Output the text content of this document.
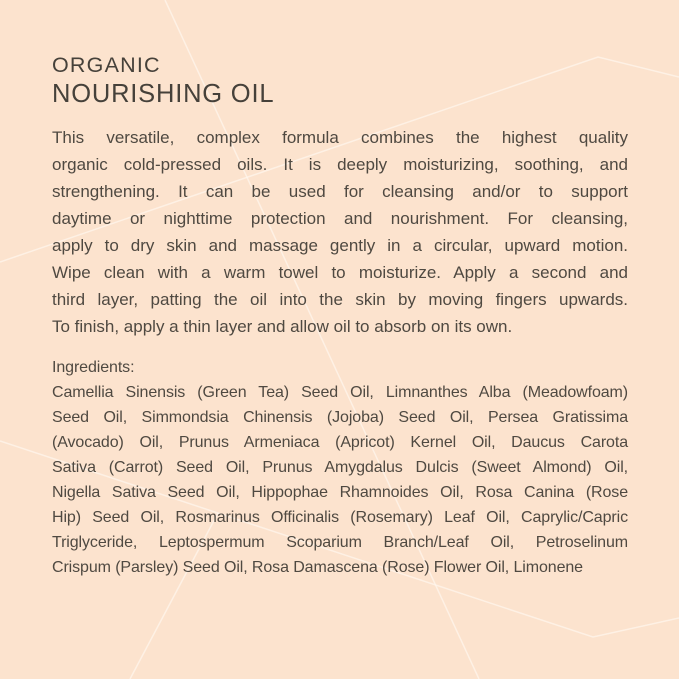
ORGANIC
NOURISHING OIL
This versatile, complex formula combines the highest quality
organic cold-pressed oils. It is deeply moisturizing, soothing, and
strengthening. It can be used for cleansing and/or to support
daytime or nighttime protection and nourishment. For cleansing,
apply to dry skin and massage gently in a circular, upward motion.
Wipe clean with a warm towel to moisturize. Apply a second and
third layer, patting the oil into the skin by moving fingers upwards.
To finish, apply a thin layer and allow oil to absorb on its own.
Ingredients:
Camellia Sinensis (Green Tea) Seed Oil, Limnanthes Alba (Meadowfoam)
Seed Oil, Simmondsia Chinensis (Jojoba) Seed Oil, Persea Gratissima
(Avocado) Oil, Prunus Armeniaca (Apricot) Kernel Oil, Daucus Carota
Sativa (Carrot) Seed Oil, Prunus Amygdalus Dulcis (Sweet Almond) Oil,
Nigella Sativa Seed Oil, Hippophae Rhamnoides Oil, Rosa Canina (Rose
Hip) Seed Oil, Rosmarinus Officinalis (Rosemary) Leaf Oil, Caprylic/Capric
Triglyceride, Leptospermum Scoparium Branch/Leaf Oil, Petroselinum
Crispum (Parsley) Seed Oil, Rosa Damascena (Rose) Flower Oil, Limonene
